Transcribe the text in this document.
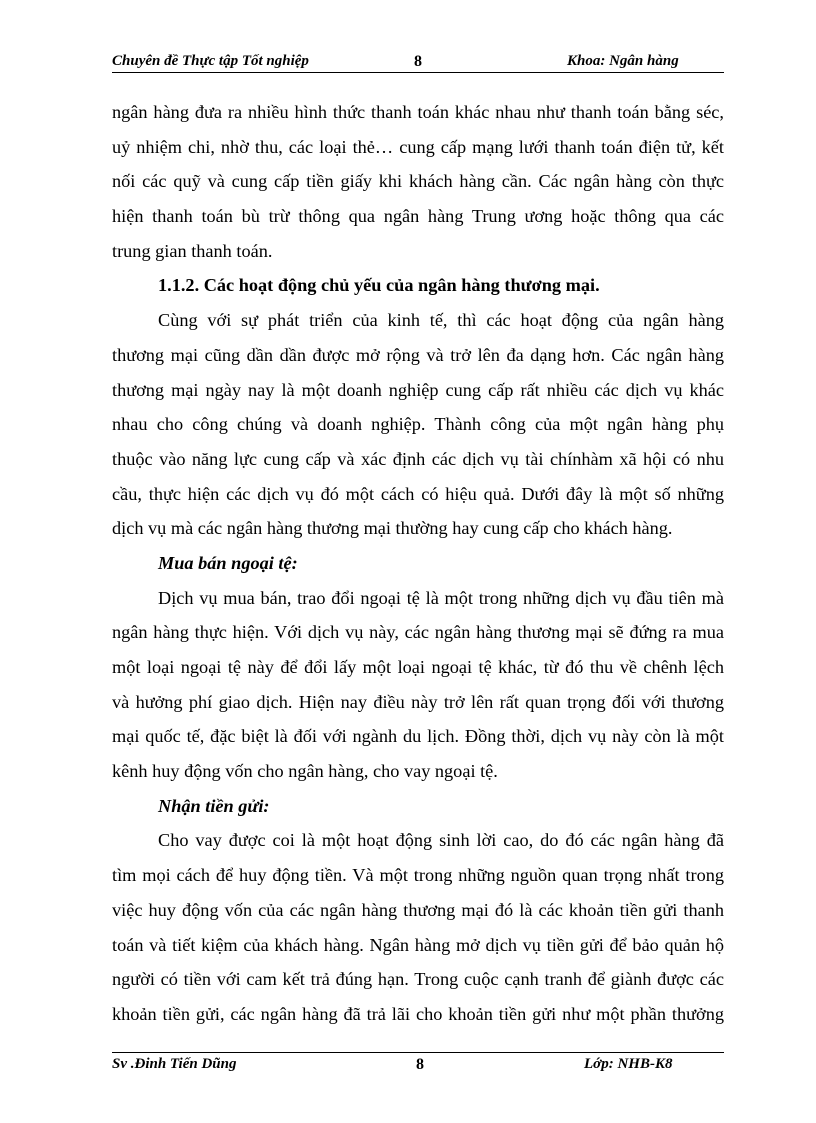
Chuyên đề Thực tập Tốt nghiệp	8	Khoa: Ngân hàng
ngân hàng đưa ra nhiều hình thức thanh toán khác nhau như thanh toán bằng séc,
uỷ nhiệm chi, nhờ thu, các loại thẻ… cung cấp mạng lưới thanh toán điện tử, kết
nối các quỹ và cung cấp tiền giấy khi khách hàng cần. Các ngân hàng còn thực
hiện thanh toán bù trừ thông qua ngân hàng Trung ương hoặc thông qua các
trung gian thanh toán.
1.1.2. Các hoạt động chủ yếu của ngân hàng thương mại.
Cùng với sự phát triển của kinh tế, thì các hoạt động của ngân hàng
thương mại cũng dần dần được mở rộng và trở lên đa dạng hơn. Các ngân hàng
thương mại ngày nay là một doanh nghiệp cung cấp rất nhiều các dịch vụ khác
nhau cho công chúng và doanh nghiệp. Thành công của một ngân hàng phụ
thuộc vào năng lực cung cấp và xác định các dịch vụ tài chínhàm xã hội có nhu
cầu, thực hiện các dịch vụ đó một cách có hiệu quả. Dưới đây là một số những
dịch vụ mà các ngân hàng thương mại thường hay cung cấp cho khách hàng.
Mua bán ngoại tệ:
Dịch vụ mua bán, trao đổi ngoại tệ là một trong những dịch vụ đầu tiên mà
ngân hàng thực hiện. Với dịch vụ này, các ngân hàng thương mại sẽ đứng ra mua
một loại ngoại tệ này để đổi lấy một loại ngoại tệ khác, từ đó thu về chênh lệch
và hưởng phí giao dịch. Hiện nay điều này trở lên rất quan trọng đối với thương
mại quốc tế, đặc biệt là đối với ngành du lịch. Đồng thời, dịch vụ này còn là một
kênh huy động vốn cho ngân hàng, cho vay ngoại tệ.
Nhận tiền gửi:
Cho vay được coi là một hoạt động sinh lời cao, do đó các ngân hàng đã
tìm mọi cách để huy động tiền. Và một trong những nguồn quan trọng nhất trong
việc huy động vốn của các ngân hàng thương mại đó là các khoản tiền gửi thanh
toán và tiết kiệm của khách hàng. Ngân hàng mở dịch vụ tiền gửi để bảo quản hộ
người có tiền với cam kết trả đúng hạn. Trong cuộc cạnh tranh để giành được các
khoản tiền gửi, các ngân hàng đã trả lãi cho khoản tiền gửi như một phần thưởng
Sv .Đinh Tiến Dũng	8	Lớp: NHB-K8
